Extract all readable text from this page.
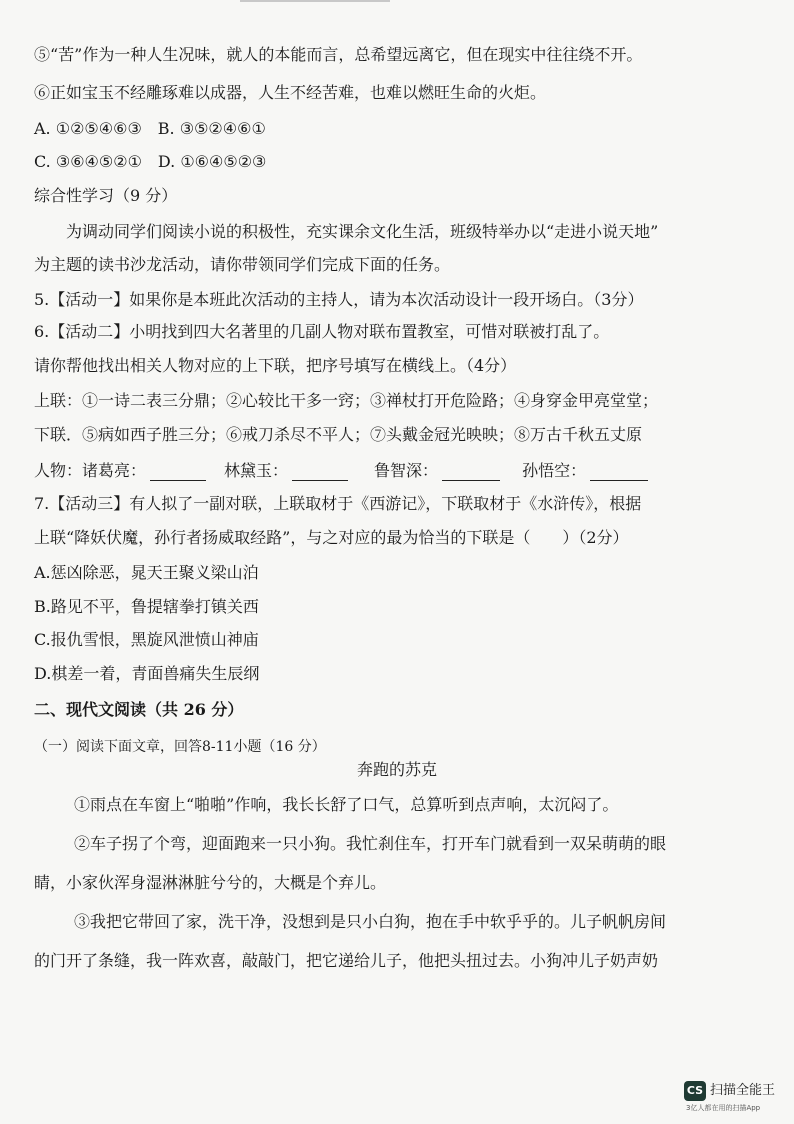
⑤“苦”作为一种人生况味，就人的本能而言，总希望远离它，但在现实中往往绕不开。
⑥正如宝玉不经雕琢难以成器，人生不经苦难，也难以燃旺生命的火炬。
A. ①②⑤④⑥③　B. ③⑤②④⑥①
C. ③⑥④⑤②①　D. ①⑥④⑤②③
综合性学习（9 分）
为调动同学们阅读小说的积极性，充实课余文化生活，班级特举办以“走进小说天地”
为主题的读书沙龙活动，请你带领同学们完成下面的任务。
5.【活动一】如果你是本班此次活动的主持人，请为本次活动设计一段开场白。（3分）
6.【活动二】小明找到四大名著里的几副人物对联布置教室，可惜对联被打乱了。
请你帮他找出相关人物对应的上下联，把序号填写在横线上。（4分）
上联：①一诗二表三分鼎；②心较比干多一窍；③禅杖打开危险路；④身穿金甲亮堂堂；
下联．⑤病如西子胜三分；⑥戒刀杀尽不平人；⑦头戴金冠光映映；⑧万古千秋五丈原
人物：诸葛亮：	林黛玉：	鲁智深：	孙悟空：
7.【活动三】有人拟了一副对联，上联取材于《西游记》，下联取材于《水浒传》，根据
上联“降妖伏魔，孙行者扬威取经路”，与之对应的最为恰当的下联是（　　）（2分）
A.惩凶除恶，晁天王聚义梁山泊
B.路见不平，鲁提辖拳打镇关西
C.报仇雪恨，黑旋风泄愤山神庙
D.棋差一着，青面兽痛失生辰纲
二、现代文阅读（共 26 分）
（一）阅读下面文章，回答8-11小题（16 分）
奔跑的苏克
①雨点在车窗上“啪啪”作响，我长长舒了口气，总算听到点声响，太沉闷了。
②车子拐了个弯，迎面跑来一只小狗。我忙刹住车，打开车门就看到一双呆萌萌的眼
睛，小家伙浑身湿淋淋脏兮兮的，大概是个弃儿。
③我把它带回了家，洗干净，没想到是只小白狗，抱在手中软乎乎的。儿子帆帆房间
的门开了条缝，我一阵欢喜，敲敲门，把它递给儿子，他把头扭过去。小狗冲儿子奶声奶
CS 扫描全能王
3亿人都在用的扫描App
